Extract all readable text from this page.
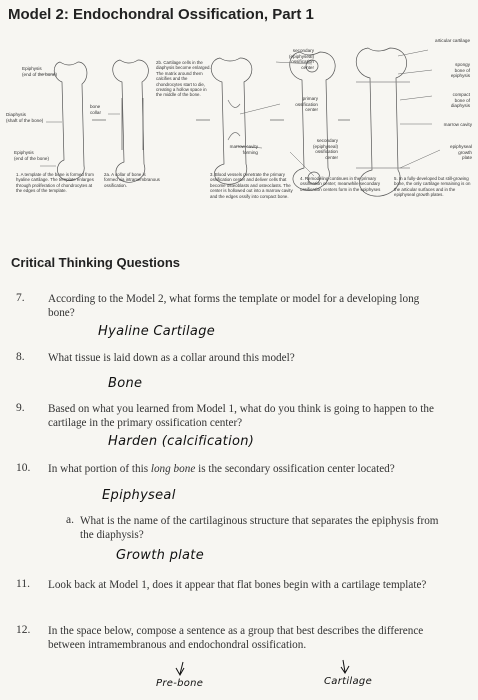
Model 2: Endochondral Ossification, Part 1
Epiphysis
(end of the bone)
Diaphysis
(shaft of the bone)
Epiphysis
(end of the bone)
bone
collar
secondary
(epiphyseal)
ossification
center
articular cartilage
spongy
bone of
epiphysis
compact
bone of
diaphysis
primary
ossification
center
marrow cavity
marrow cavity
forming
secondary
(epiphyseal)
ossification
center
epiphyseal
growth
plate
2b. Cartilage cells in the diaphysis become enlarged. The matrix around them calcifies and the chondrocytes start to die, creating a hollow space in the middle of the bone.
1. A template of the bone is formed from hyaline cartilage. The template enlarges through proliferation of chondrocytes at the edges of the template.
2a. A collar of bone is formed via intramembranous ossification.
3. Blood vessels penetrate the primary ossification center and deliver cells that become osteoblasts and osteoclasts. The center is hollowed out into a marrow cavity and the edges ossify into compact bone.
4. Remodeling continues in the primary ossification center; meanwhile secondary ossification centers form in the epiphyses
5. In a fully-developed but still-growing bone, the only cartilage remaining is on the articular surfaces and in the epiphyseal growth plates.
Critical Thinking Questions
7. According to the Model 2, what forms the template or model for a developing long bone?
Hyaline Cartilage
8. What tissue is laid down as a collar around this model?
Bone
9. Based on what you learned from Model 1, what do you think is going to happen to the cartilage in the primary ossification center?
Harden (calcification)
10. In what portion of this long bone is the secondary ossification center located?
Epiphyseal
a. What is the name of the cartilaginous structure that separates the epiphysis from the diaphysis?
Growth plate
11. Look back at Model 1, does it appear that flat bones begin with a cartilage template?
12. In the space below, compose a sentence as a group that best describes the difference between intramembranous and endochondral ossification.
Pre-bone	Cartilage
